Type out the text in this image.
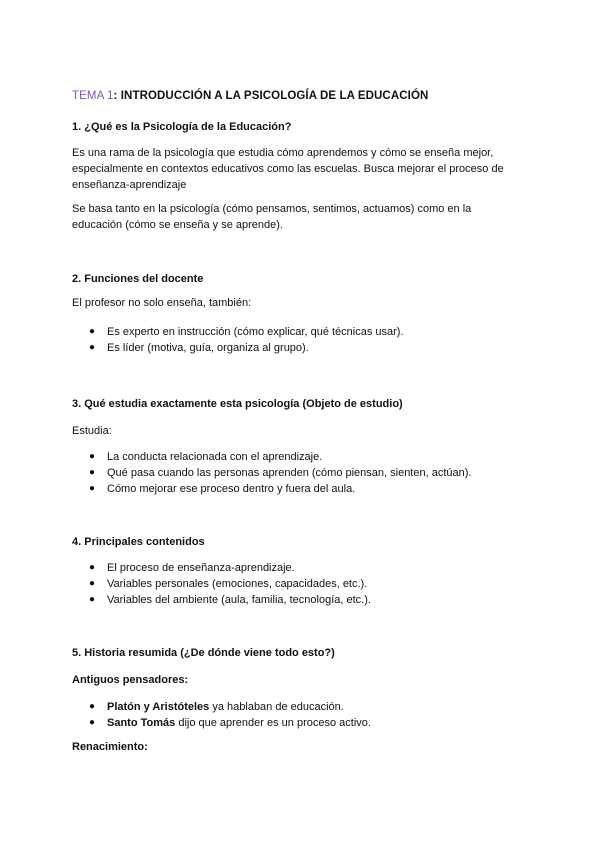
TEMA 1: INTRODUCCIÓN A LA PSICOLOGÍA DE LA EDUCACIÓN
1. ¿Qué es la Psicología de la Educación?
Es una rama de la psicología que estudia cómo aprendemos y cómo se enseña mejor, especialmente en contextos educativos como las escuelas. Busca mejorar el proceso de enseñanza-aprendizaje
Se basa tanto en la psicología (cómo pensamos, sentimos, actuamos) como en la educación (cómo se enseña y se aprende).
2. Funciones del docente
El profesor no solo enseña, también:
● Es experto en instrucción (cómo explicar, qué técnicas usar).
● Es líder (motiva, guía, organiza al grupo).
3. Qué estudia exactamente esta psicología (Objeto de estudio)
Estudia:
● La conducta relacionada con el aprendizaje.
● Qué pasa cuando las personas aprenden (cómo piensan, sienten, actúan).
● Cómo mejorar ese proceso dentro y fuera del aula.
4. Principales contenidos
● El proceso de enseñanza-aprendizaje.
● Variables personales (emociones, capacidades, etc.).
● Variables del ambiente (aula, familia, tecnología, etc.).
5. Historia resumida (¿De dónde viene todo esto?)
Antiguos pensadores:
● Platón y Aristóteles ya hablaban de educación.
● Santo Tomás dijo que aprender es un proceso activo.
Renacimiento:
